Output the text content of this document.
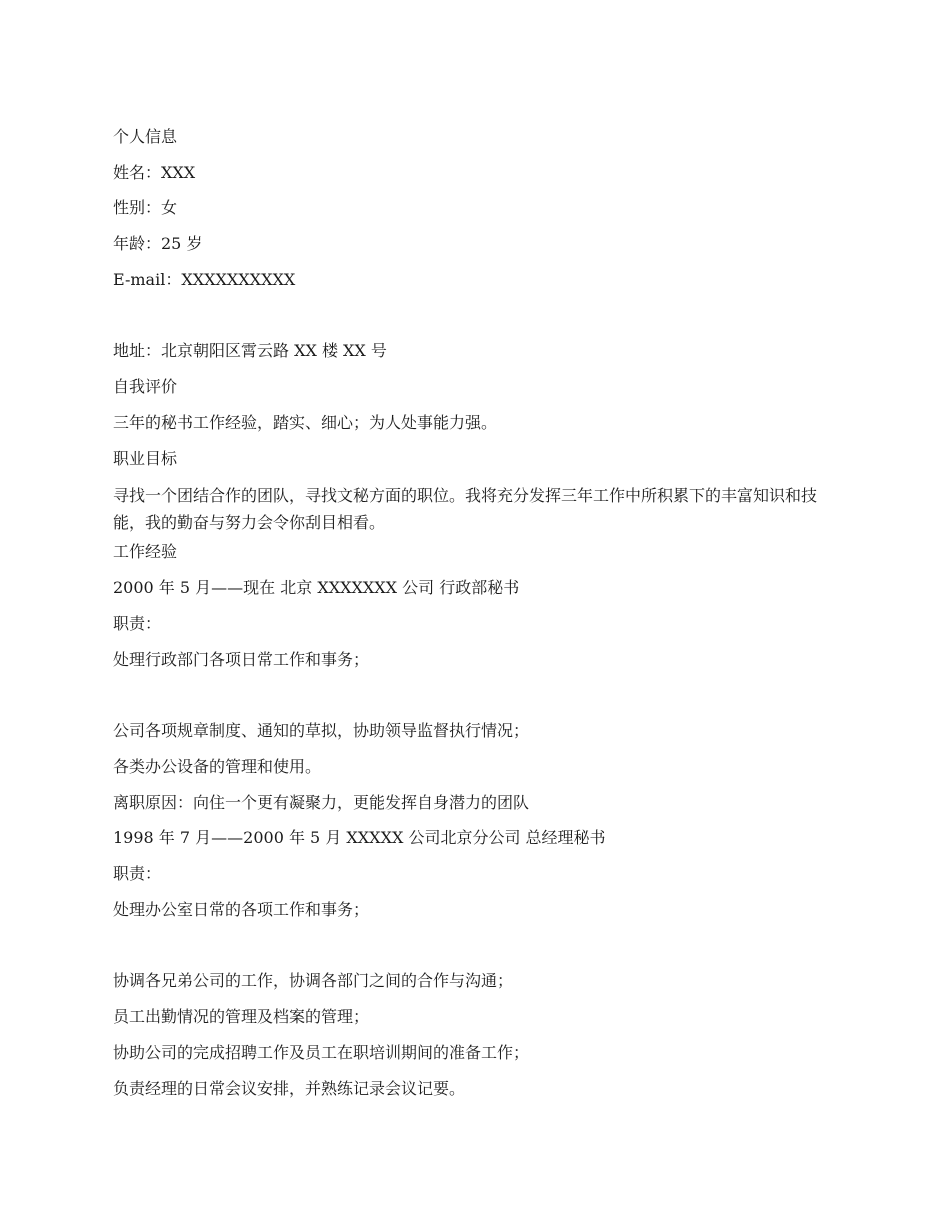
个人信息

姓名：XXX

性别：女

年龄：25 岁

E-mail：XXXXXXXXXX

地址：北京朝阳区霄云路 XX 楼 XX 号

自我评价

三年的秘书工作经验，踏实、细心；为人处事能力强。

职业目标

寻找一个团结合作的团队，寻找文秘方面的职位。我将充分发挥三年工作中所积累下的丰富知识和技能，我的勤奋与努力会令你刮目相看。

工作经验

2000 年 5 月——现在 北京 XXXXXXX 公司 行政部秘书

职责：

处理行政部门各项日常工作和事务；

公司各项规章制度、通知的草拟，协助领导监督执行情况；

各类办公设备的管理和使用。

离职原因：向住一个更有凝聚力，更能发挥自身潜力的团队

1998 年 7 月——2000 年 5 月 XXXXX 公司北京分公司 总经理秘书

职责：

处理办公室日常的各项工作和事务；

协调各兄弟公司的工作，协调各部门之间的合作与沟通；

员工出勤情况的管理及档案的管理；

协助公司的完成招聘工作及员工在职培训期间的准备工作；

负责经理的日常会议安排，并熟练记录会议记要。
